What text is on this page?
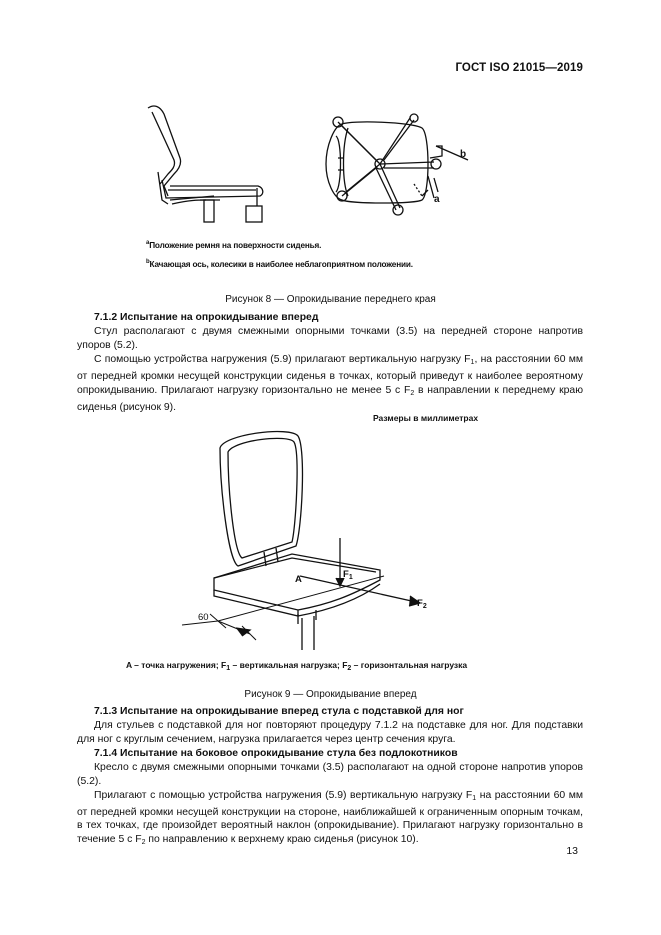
ГОСТ ISO 21015—2019
b
a
$^a$Положение ремня на поверхности сиденья.
$^b$Качающая ось, колесики в наиболее неблагоприятном положении.
Рисунок 8 — Опрокидывание переднего края
7.1.2 Испытание на опрокидывание вперед

Стул располагают с двумя смежными опорными точками (3.5) на передней стороне напротив упоров (5.2).

С помощью устройства нагружения (5.9) прилагают вертикальную нагрузку $F_1$, на расстоянии 60 мм от передней кромки несущей конструкции сиденья в точках, который приведут к наиболее вероятному опрокидыванию. Прилагают нагрузку горизонтально не менее 5 с $F_2$ в направлении к переднему краю сиденья (рисунок 9).

Размеры в миллиметрах
A	$F_1$
$F_2$
60
A – точка нагружения; $F_1$ – вертикальная нагрузка; $F_2$ – горизонтальная нагрузка
Рисунок 9 — Опрокидывание вперед
7.1.3 Испытание на опрокидывание вперед стула с подставкой для ног

Для стульев с подставкой для ног повторяют процедуру 7.1.2 на подставке для ног. Для подставки для ног с круглым сечением, нагрузка прилагается через центр сечения круга.

7.1.4 Испытание на боковое опрокидывание стула без подлокотников

Кресло с двумя смежными опорными точками (3.5) располагают на одной стороне напротив упоров (5.2).

Прилагают с помощью устройства нагружения (5.9) вертикальную нагрузку $F_1$ на расстоянии 60 мм от передней кромки несущей конструкции на стороне, наиближайшей к ограниченным опорным точкам, в тех точках, где произойдет вероятный наклон (опрокидывание). Прилагают нагрузку горизонтально в течение 5 с $F_2$ по направлению к верхнему краю сиденья (рисунок 10).

13
